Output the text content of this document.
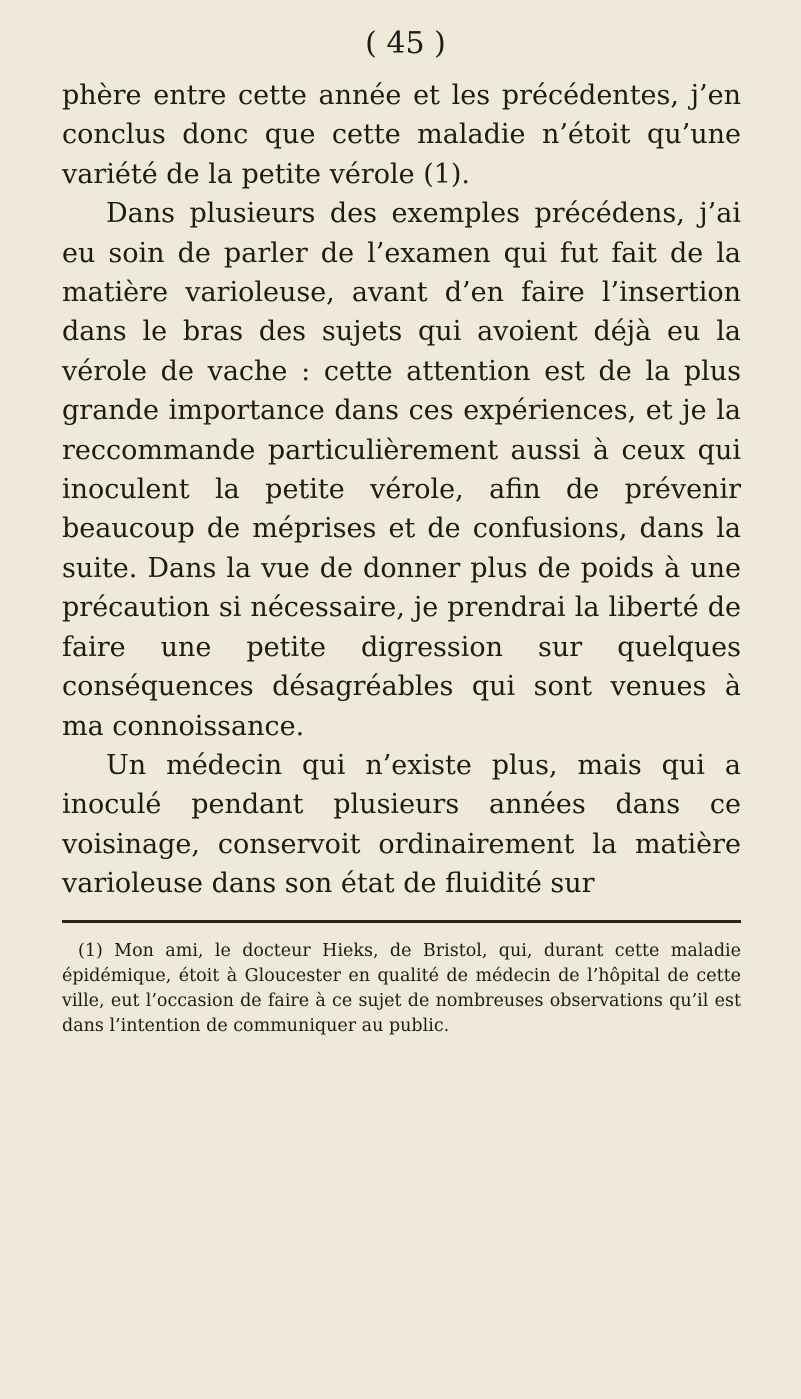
( 45 )

phère entre cette année et les précédentes, j’en conclus donc que cette maladie n’étoit qu’une variété de la petite vérole (1).

Dans plusieurs des exemples précédens, j’ai eu soin de parler de l’examen qui fut fait de la matière varioleuse, avant d’en faire l’insertion dans le bras des sujets qui avoient déjà eu la vérole de vache : cette attention est de la plus grande importance dans ces expériences, et je la reccommande particulièrement aussi à ceux qui inoculent la petite vérole, afin de prévenir beaucoup de méprises et de confusions, dans la suite. Dans la vue de donner plus de poids à une précaution si nécessaire, je prendrai la liberté de faire une petite digression sur quelques conséquences désagréables qui sont venues à ma connoissance.

Un médecin qui n’existe plus, mais qui a inoculé pendant plusieurs années dans ce voisinage, conservoit ordinairement la matière varioleuse dans son état de fluidité sur

(1) Mon ami, le docteur Hieks, de Bristol, qui, durant cette maladie épidémique, étoit à Gloucester en qualité de médecin de l’hôpital de cette ville, eut l’occasion de faire à ce sujet de nombreuses observations qu’il est dans l’intention de communiquer au public.
